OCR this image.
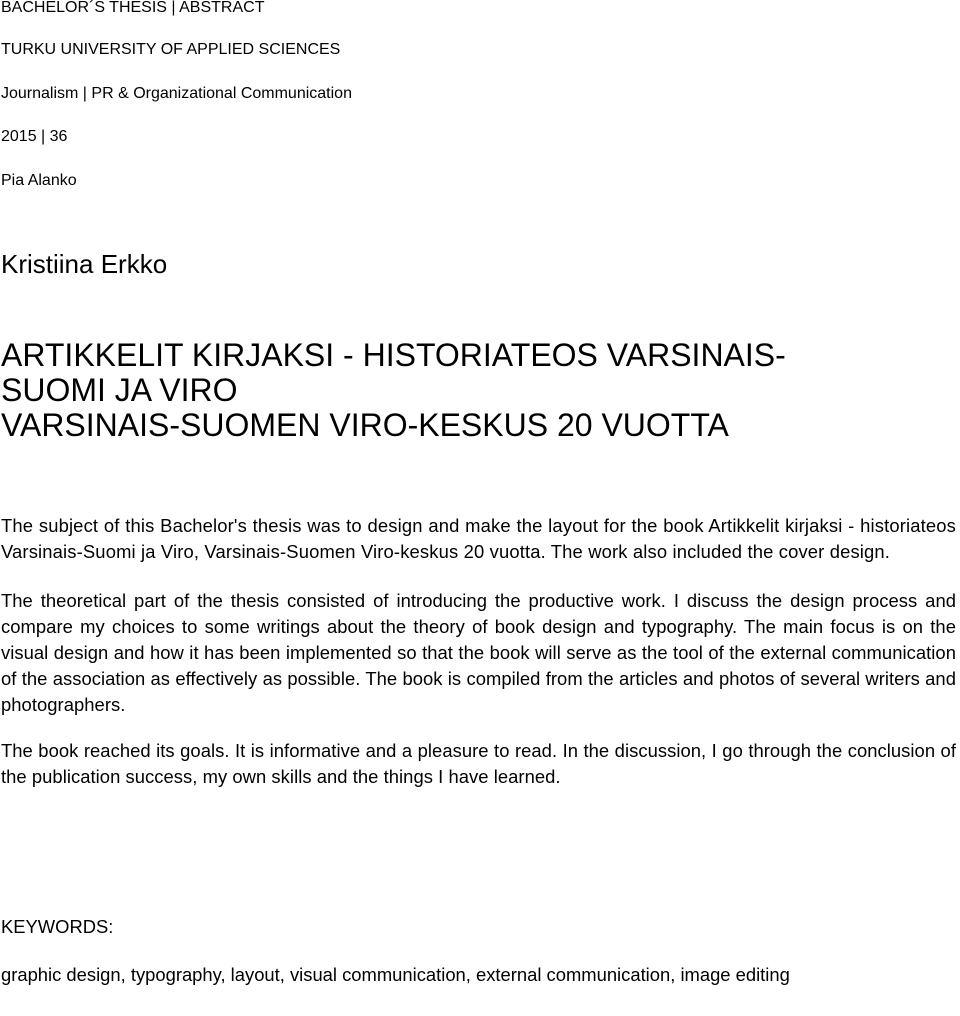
BACHELOR´S THESIS | ABSTRACT
TURKU UNIVERSITY OF APPLIED SCIENCES
Journalism | PR & Organizational Communication
2015 | 36
Pia Alanko
Kristiina Erkko
ARTIKKELIT KIRJAKSI - HISTORIATEOS VARSINAIS-
SUOMI JA VIRO
VARSINAIS-SUOMEN VIRO-KESKUS 20 VUOTTA

The subject of this Bachelor's thesis was to design and make the layout for the book Artikkelit kirjaksi - historiateos Varsinais-Suomi ja Viro, Varsinais-Suomen Viro-keskus 20 vuotta. The work also included the cover design.

The theoretical part of the thesis consisted of introducing the productive work. I discuss the design process and compare my choices to some writings about the theory of book design and typography. The main focus is on the visual design and how it has been implemented so that the book will serve as the tool of the external communication of the association as effectively as possible. The book is compiled from the articles and photos of several writers and photographers.

The book reached its goals. It is informative and a pleasure to read. In the discussion, I go through the conclusion of the publication success, my own skills and the things I have learned.

KEYWORDS:
graphic design, typography, layout, visual communication, external communication, image editing
